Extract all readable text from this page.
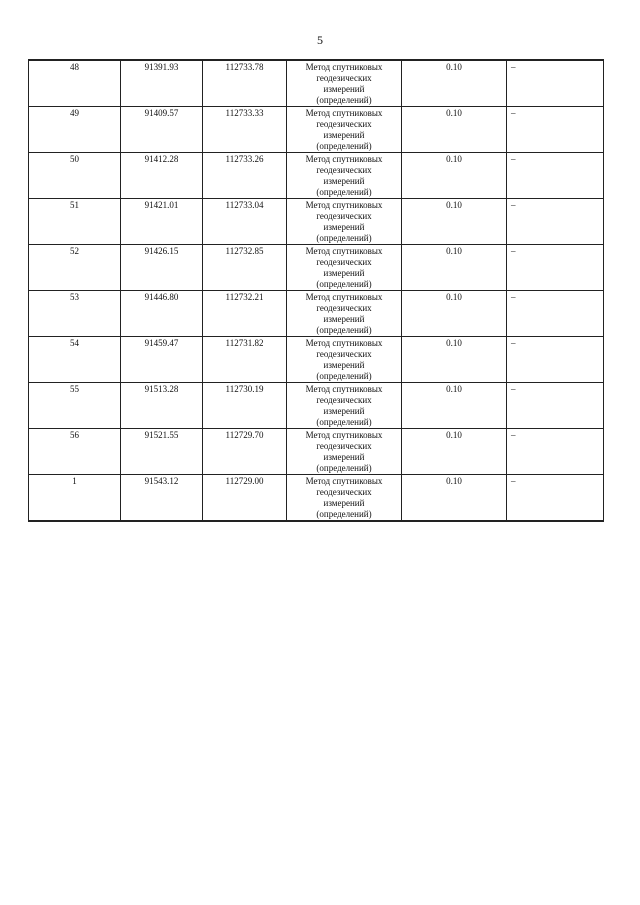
5
48	91391.93	112733.78	Метод спутниковых
геодезических
измерений
(определений)	0.10	–
49	91409.57	112733.33	Метод спутниковых
геодезических
измерений
(определений)	0.10	–
50	91412.28	112733.26	Метод спутниковых
геодезических
измерений
(определений)	0.10	–
51	91421.01	112733.04	Метод спутниковых
геодезических
измерений
(определений)	0.10	–
52	91426.15	112732.85	Метод спутниковых
геодезических
измерений
(определений)	0.10	–
53	91446.80	112732.21	Метод спутниковых
геодезических
измерений
(определений)	0.10	–
54	91459.47	112731.82	Метод спутниковых
геодезических
измерений
(определений)	0.10	–
55	91513.28	112730.19	Метод спутниковых
геодезических
измерений
(определений)	0.10	–
56	91521.55	112729.70	Метод спутниковых
геодезических
измерений
(определений)	0.10	–
1	91543.12	112729.00	Метод спутниковых
геодезических
измерений
(определений)	0.10	–
